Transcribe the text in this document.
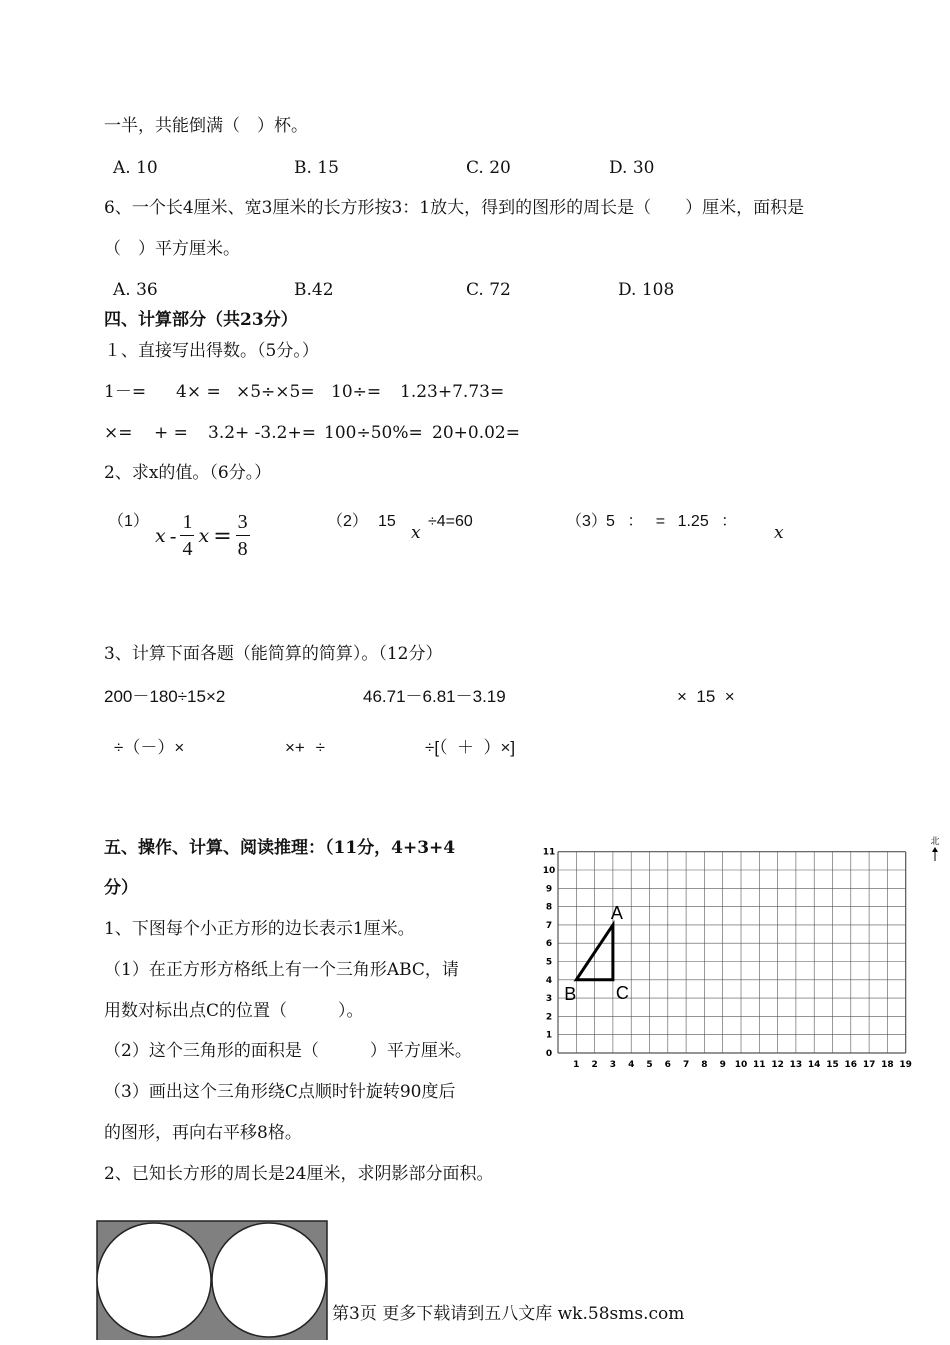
一半，共能倒满（　）杯。
A. 10	B. 15	C. 20	D. 30
6、一个长4厘米、宽3厘米的长方形按3：1放大，得到的图形的周长是（　　）厘米，面积是
（　）平方厘米。
A. 36	B.42	C. 72	D. 108
四、计算部分（共23分）
１、直接写出得数。（5分。）
1－= 4× = ×5÷×5= 10÷= 1.23+7.73=
×= + = 3.2+ -3.2+= 100÷50%= 20+0.02=
2、求x的值。（6分。）
（1）
x - $\frac{1}{4}$ $x = \frac{3}{8}$	（2） 15
x
÷4=60	（3） 5 ： = 1.25 ：
x
3、计算下面各题（能简算的简算）。（12分）
200－180÷15×2	46.71－6.81－3.19	×  15  ×
÷（－）×	×+ ÷	÷[（  ＋  ）×]
五、操作、计算、阅读推理：（11分，4+3+4
分）
1、下图每个小正方形的边长表示1厘米。
（1）在正方形方格纸上有一个三角形ABC，请
用数对标出点C的位置（　　　）。
（2）这个三角形的面积是（　　　）平方厘米。
（3）画出这个三角形绕C点顺时针旋转90度后
的图形，再向右平移8格。
2、已知长方形的周长是24厘米，求阴影部分面积。
1 2 3 4 5 6 7 8 9 10 11 12 13 14 15 16 17 18 19
0
1
2
3
4
5
6
7
8
9
10
11
A
B C
北
第3页 更多下载请到五八文库 wk.58sms.com
